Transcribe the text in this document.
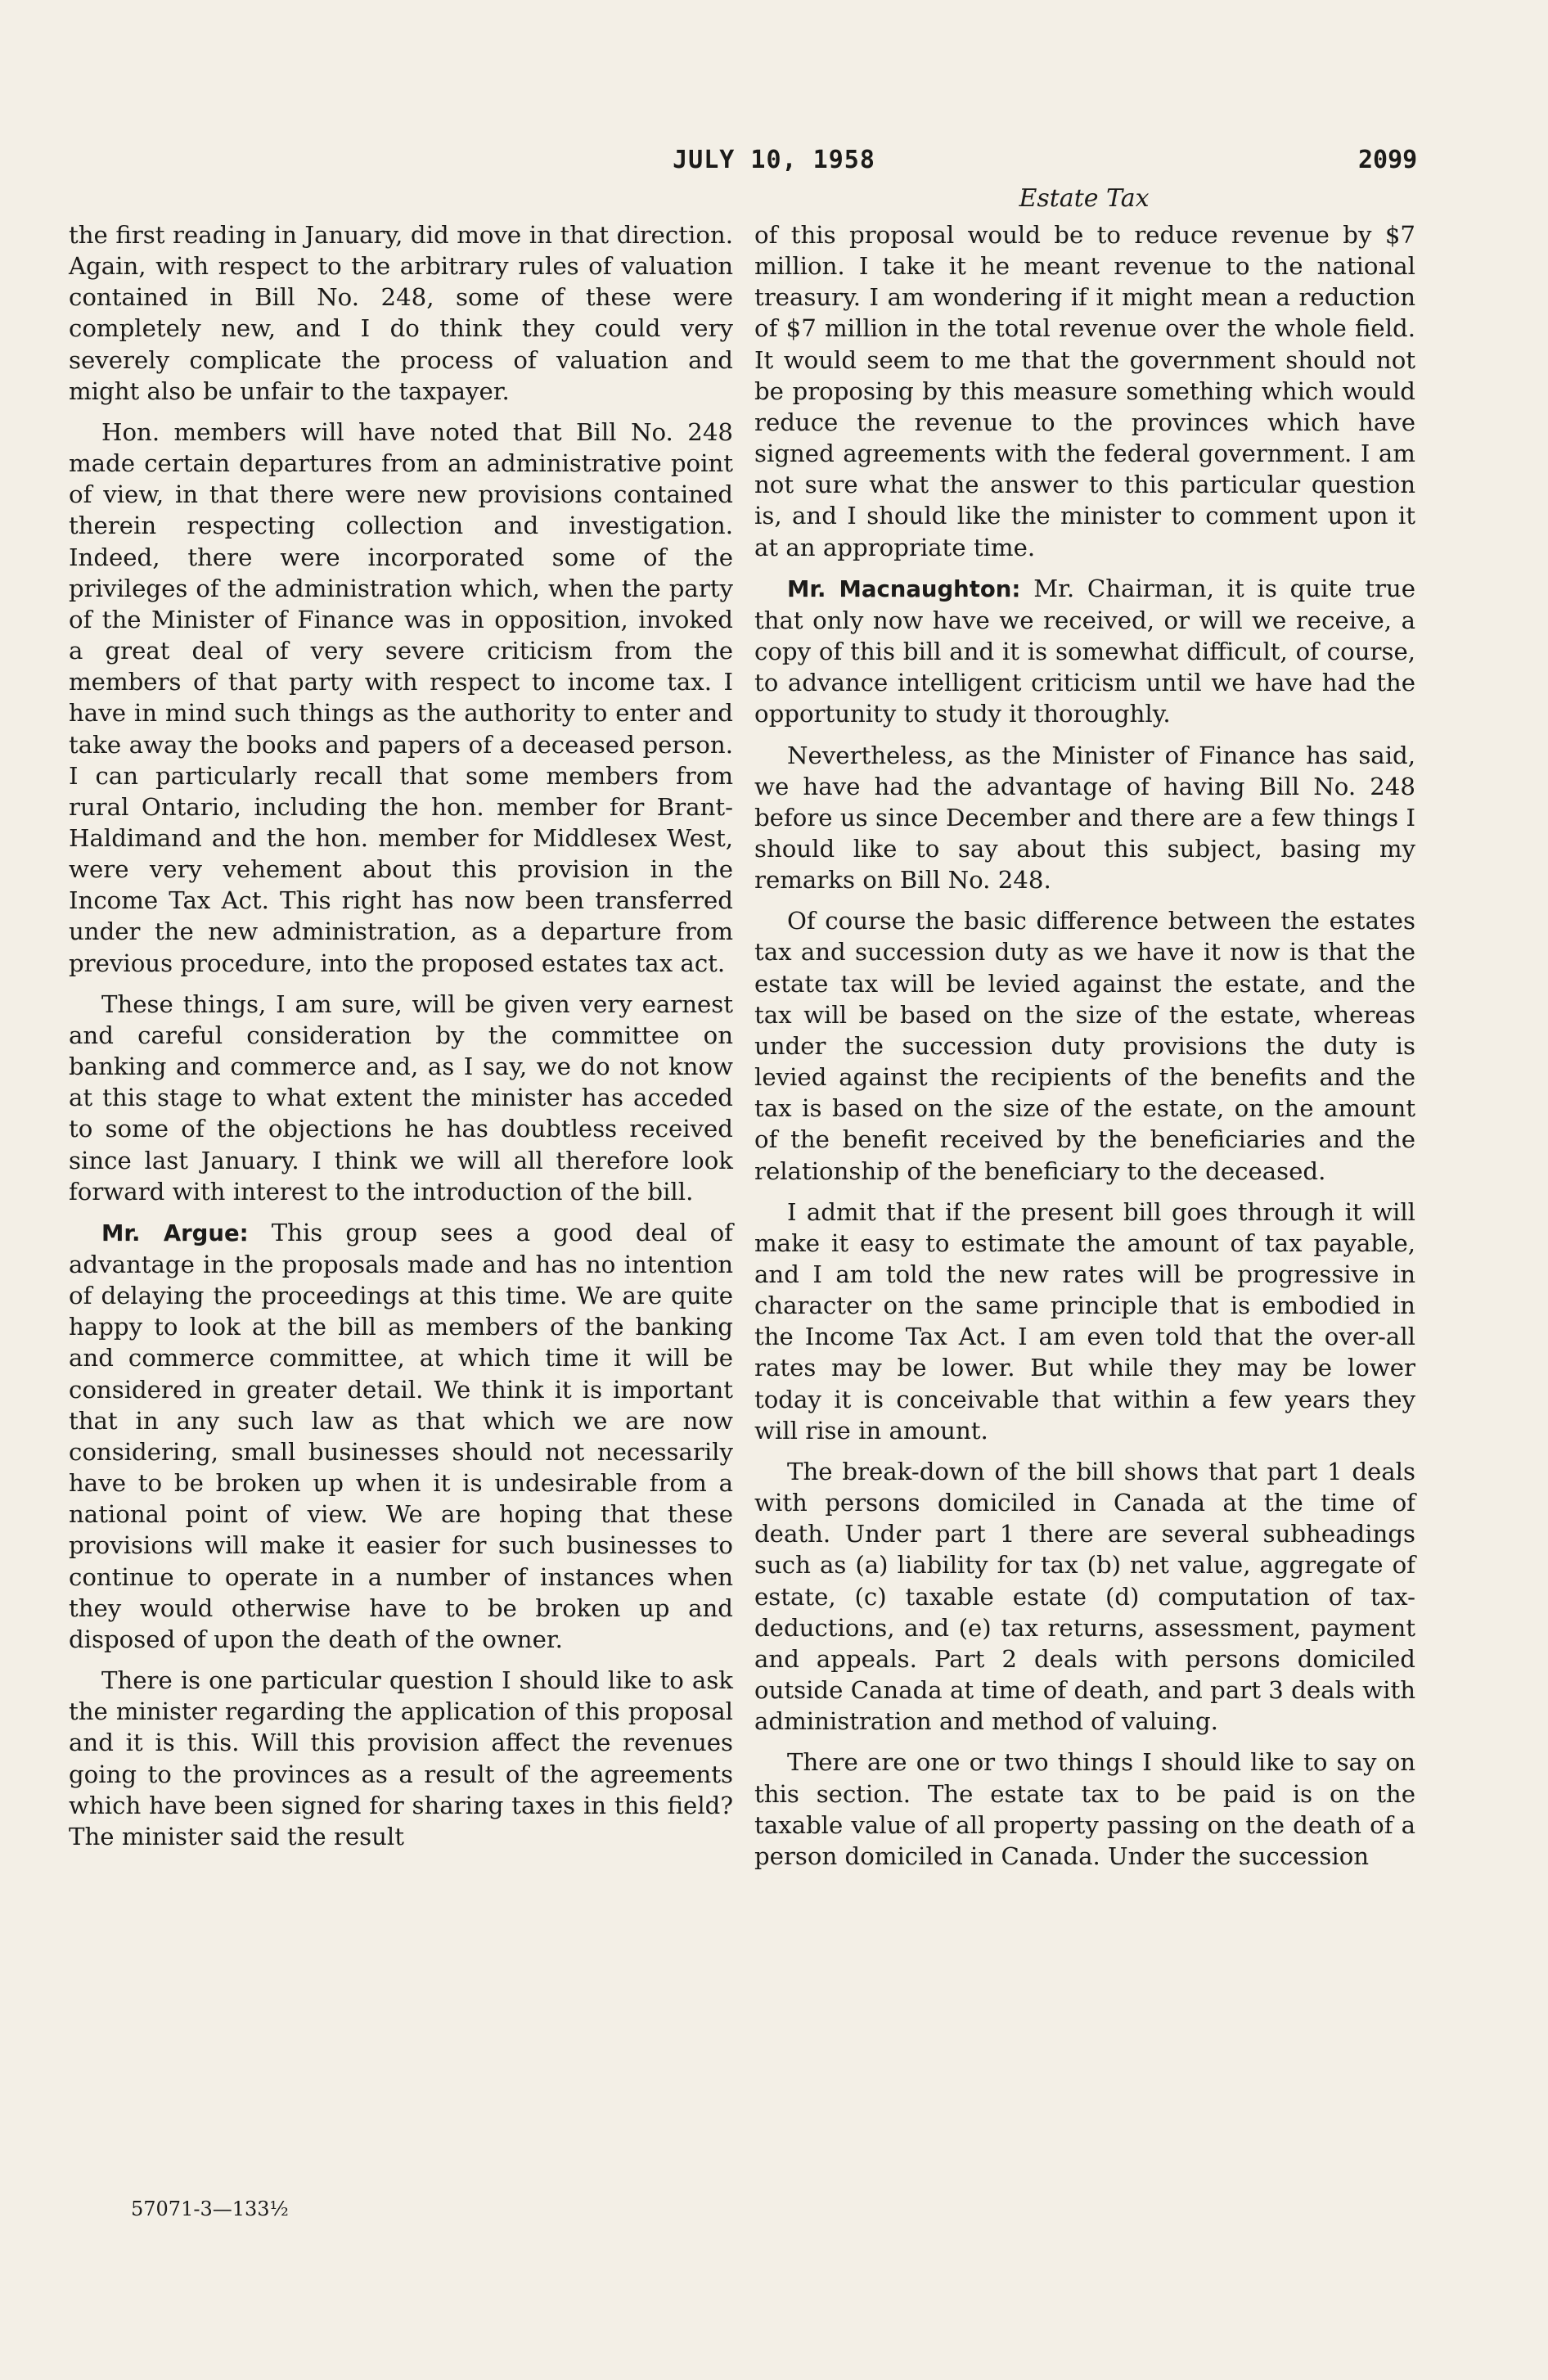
JULY 10, 1958	2099
Estate Tax

the first reading in January, did move in that direction. Again, with respect to the arbitrary rules of valuation contained in Bill No. 248, some of these were completely new, and I do think they could very severely complicate the process of valuation and might also be unfair to the taxpayer.

Hon. members will have noted that Bill No. 248 made certain departures from an administrative point of view, in that there were new provisions contained therein respecting collection and investigation. Indeed, there were incorporated some of the privileges of the administration which, when the party of the Minister of Finance was in opposition, invoked a great deal of very severe criticism from the members of that party with respect to income tax. I have in mind such things as the authority to enter and take away the books and papers of a deceased person. I can particularly recall that some members from rural Ontario, including the hon. member for Brant-Haldimand and the hon. member for Middlesex West, were very vehement about this provision in the Income Tax Act. This right has now been transferred under the new administration, as a departure from previous procedure, into the proposed estates tax act.

These things, I am sure, will be given very earnest and careful consideration by the committee on banking and commerce and, as I say, we do not know at this stage to what extent the minister has acceded to some of the objections he has doubtless received since last January. I think we will all therefore look forward with interest to the introduction of the bill.

Mr. Argue: This group sees a good deal of advantage in the proposals made and has no intention of delaying the proceedings at this time. We are quite happy to look at the bill as members of the banking and commerce committee, at which time it will be considered in greater detail. We think it is important that in any such law as that which we are now considering, small businesses should not necessarily have to be broken up when it is undesirable from a national point of view. We are hoping that these provisions will make it easier for such businesses to continue to operate in a number of instances when they would otherwise have to be broken up and disposed of upon the death of the owner.

There is one particular question I should like to ask the minister regarding the application of this proposal and it is this. Will this provision affect the revenues going to the provinces as a result of the agreements which have been signed for sharing taxes in this field? The minister said the result

of this proposal would be to reduce revenue by $7 million. I take it he meant revenue to the national treasury. I am wondering if it might mean a reduction of $7 million in the total revenue over the whole field. It would seem to me that the government should not be proposing by this measure something which would reduce the revenue to the provinces which have signed agreements with the federal government. I am not sure what the answer to this particular question is, and I should like the minister to comment upon it at an appropriate time.

Mr. Macnaughton: Mr. Chairman, it is quite true that only now have we received, or will we receive, a copy of this bill and it is somewhat difficult, of course, to advance intelligent criticism until we have had the opportunity to study it thoroughly.

Nevertheless, as the Minister of Finance has said, we have had the advantage of having Bill No. 248 before us since December and there are a few things I should like to say about this subject, basing my remarks on Bill No. 248.

Of course the basic difference between the estates tax and succession duty as we have it now is that the estate tax will be levied against the estate, and the tax will be based on the size of the estate, whereas under the succession duty provisions the duty is levied against the recipients of the benefits and the tax is based on the size of the estate, on the amount of the benefit received by the beneficiaries and the relationship of the beneficiary to the deceased.

I admit that if the present bill goes through it will make it easy to estimate the amount of tax payable, and I am told the new rates will be progressive in character on the same principle that is embodied in the Income Tax Act. I am even told that the over-all rates may be lower. But while they may be lower today it is conceivable that within a few years they will rise in amount.

The break-down of the bill shows that part 1 deals with persons domiciled in Canada at the time of death. Under part 1 there are several subheadings such as (a) liability for tax (b) net value, aggregate of estate, (c) taxable estate (d) computation of tax-deductions, and (e) tax returns, assessment, payment and appeals. Part 2 deals with persons domiciled outside Canada at time of death, and part 3 deals with administration and method of valuing.

There are one or two things I should like to say on this section. The estate tax to be paid is on the taxable value of all property passing on the death of a person domiciled in Canada. Under the succession

57071-3—133½
